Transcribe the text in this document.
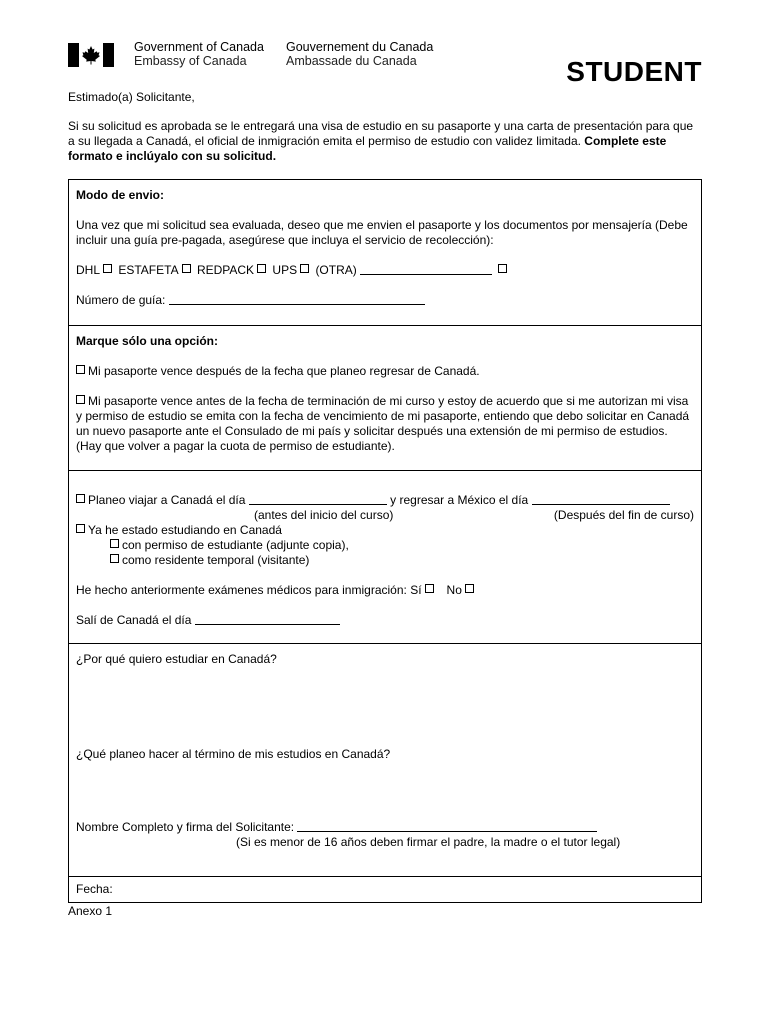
Government of Canada
Embassy of Canada
Gouvernement du Canada
Ambassade du Canada	STUDENT
Estimado(a) Solicitante,
Si su solicitud es aprobada se le entregará una visa de estudio en su pasaporte y una carta de presentación para que a su llegada a Canadá, el oficial de inmigración emita el permiso de estudio con validez limitada. Complete este formato e inclúyalo con su solicitud.

Modo de envio:

Una vez que mi solicitud sea evaluada, deseo que me envien el pasaporte y los documentos por mensajería (Debe incluir una guía pre-pagada, asegúrese que incluya el servicio de recolección):

DHL ESTAFETA REDPACK UPS (OTRA)

Número de guía:

Marque sólo una opción:

Mi pasaporte vence después de la fecha que planeo regresar de Canadá.

Mi pasaporte vence antes de la fecha de terminación de mi curso y estoy de acuerdo que si me autorizan mi visa y permiso de estudio se emita con la fecha de vencimiento de mi pasaporte, entiendo que debo solicitar en Canadá un nuevo pasaporte ante el Consulado de mi país y solicitar después una extensión de mi permiso de estudios. (Hay que volver a pagar la cuota de permiso de estudiante).

Planeo viajar a Canadá el día	y regresar a México el día
(antes del inicio del curso)	(Después del fin de curso)
Ya he estado estudiando en Canadá
con permiso de estudiante (adjunte copia),
como residente temporal (visitante)
He hecho anteriormente exámenes médicos para inmigración: Sí No
Salí de Canadá el día

¿Por qué quiero estudiar en Canadá?

¿Qué planeo hacer al término de mis estudios en Canadá?

Nombre Completo y firma del Solicitante:

(Si es menor de 16 años deben firmar el padre, la madre o el tutor legal)

Fecha:
Anexo 1
